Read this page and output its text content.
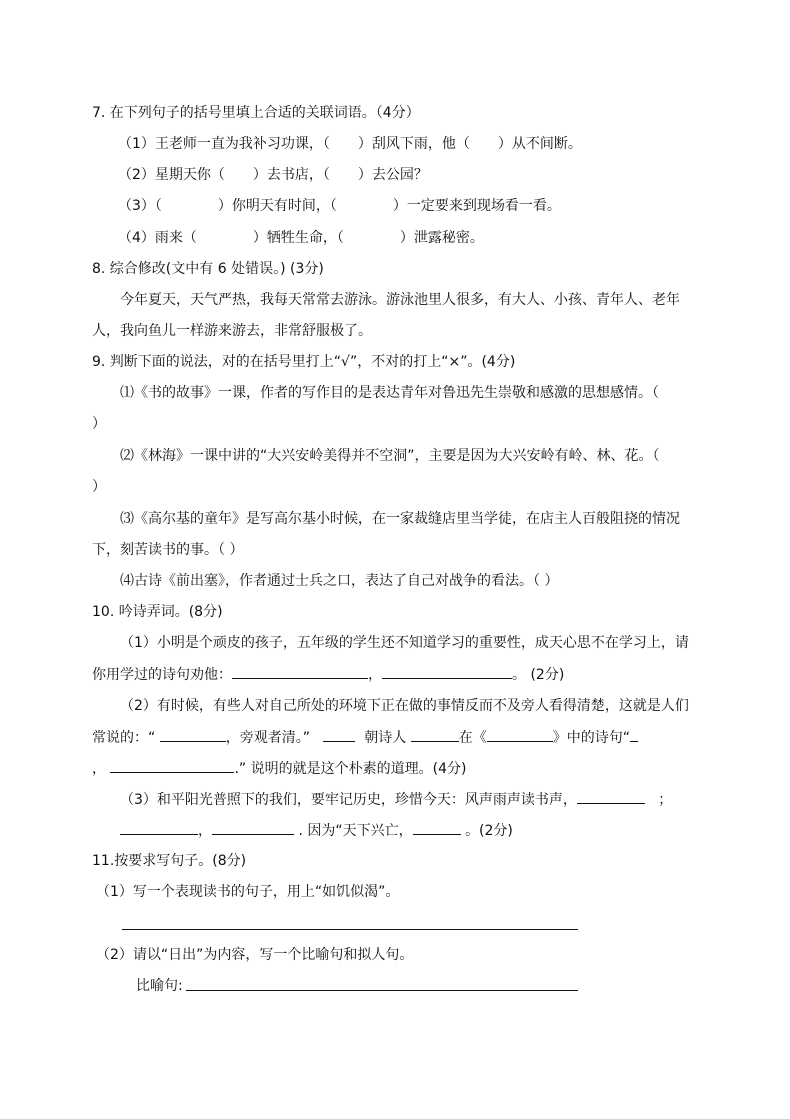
7. 在下列句子的括号里填上合适的关联词语。（4分）
（1）王老师一直为我补习功课，（　　）刮风下雨，他（　　）从不间断。
（2）星期天你（　　）去书店，（　　）去公园？
（3）（　　　　）你明天有时间，（　　　　）一定要来到现场看一看。
（4）雨来（　　　　）牺牲生命，（　　　　）泄露秘密。
8. 综合修改(文中有 6 处错误。) (3分)
今年夏天，天气严热，我每天常常去游泳。游泳池里人很多，有大人、小孩、青年人、老年
人，我向鱼儿一样游来游去，非常舒服极了。
9. 判断下面的说法，对的在括号里打上“√”，不对的打上“×”。(4分)
⑴《书的故事》一课，作者的写作目的是表达青年对鲁迅先生崇敬和感激的思想感情。（
）
⑵《林海》一课中讲的“大兴安岭美得并不空洞”，主要是因为大兴安岭有岭、林、花。（
）
⑶《高尔基的童年》是写高尔基小时候，在一家裁缝店里当学徒，在店主人百般阻挠的情况
下，刻苦读书的事。（ ）
⑷古诗《前出塞》，作者通过士兵之口，表达了自己对战争的看法。（ ）
10. 吟诗弄词。(8分)
（1）小明是个顽皮的孩子，五年级的学生还不知道学习的重要性，成天心思不在学习上，请
你用学过的诗句劝他：	，	。 (2分)
（2）有时候，有些人对自己所处的环境下正在做的事情反而不及旁人看得清楚，这就是人们
常说的：“	，旁观者清。”	朝诗人	在《	》中的诗句“
，	.” 说明的就是这个朴素的道理。(4分)
（3）和平阳光普照下的我们，要牢记历史，珍惜今天：风声雨声读书声，	；
，	. 因为“天下兴亡，	。(2分)
11.按要求写句子。(8分)
（1）写一个表现读书的句子，用上“如饥似渴”。
（2）请以“日出”为内容，写一个比喻句和拟人句。
比喻句:
